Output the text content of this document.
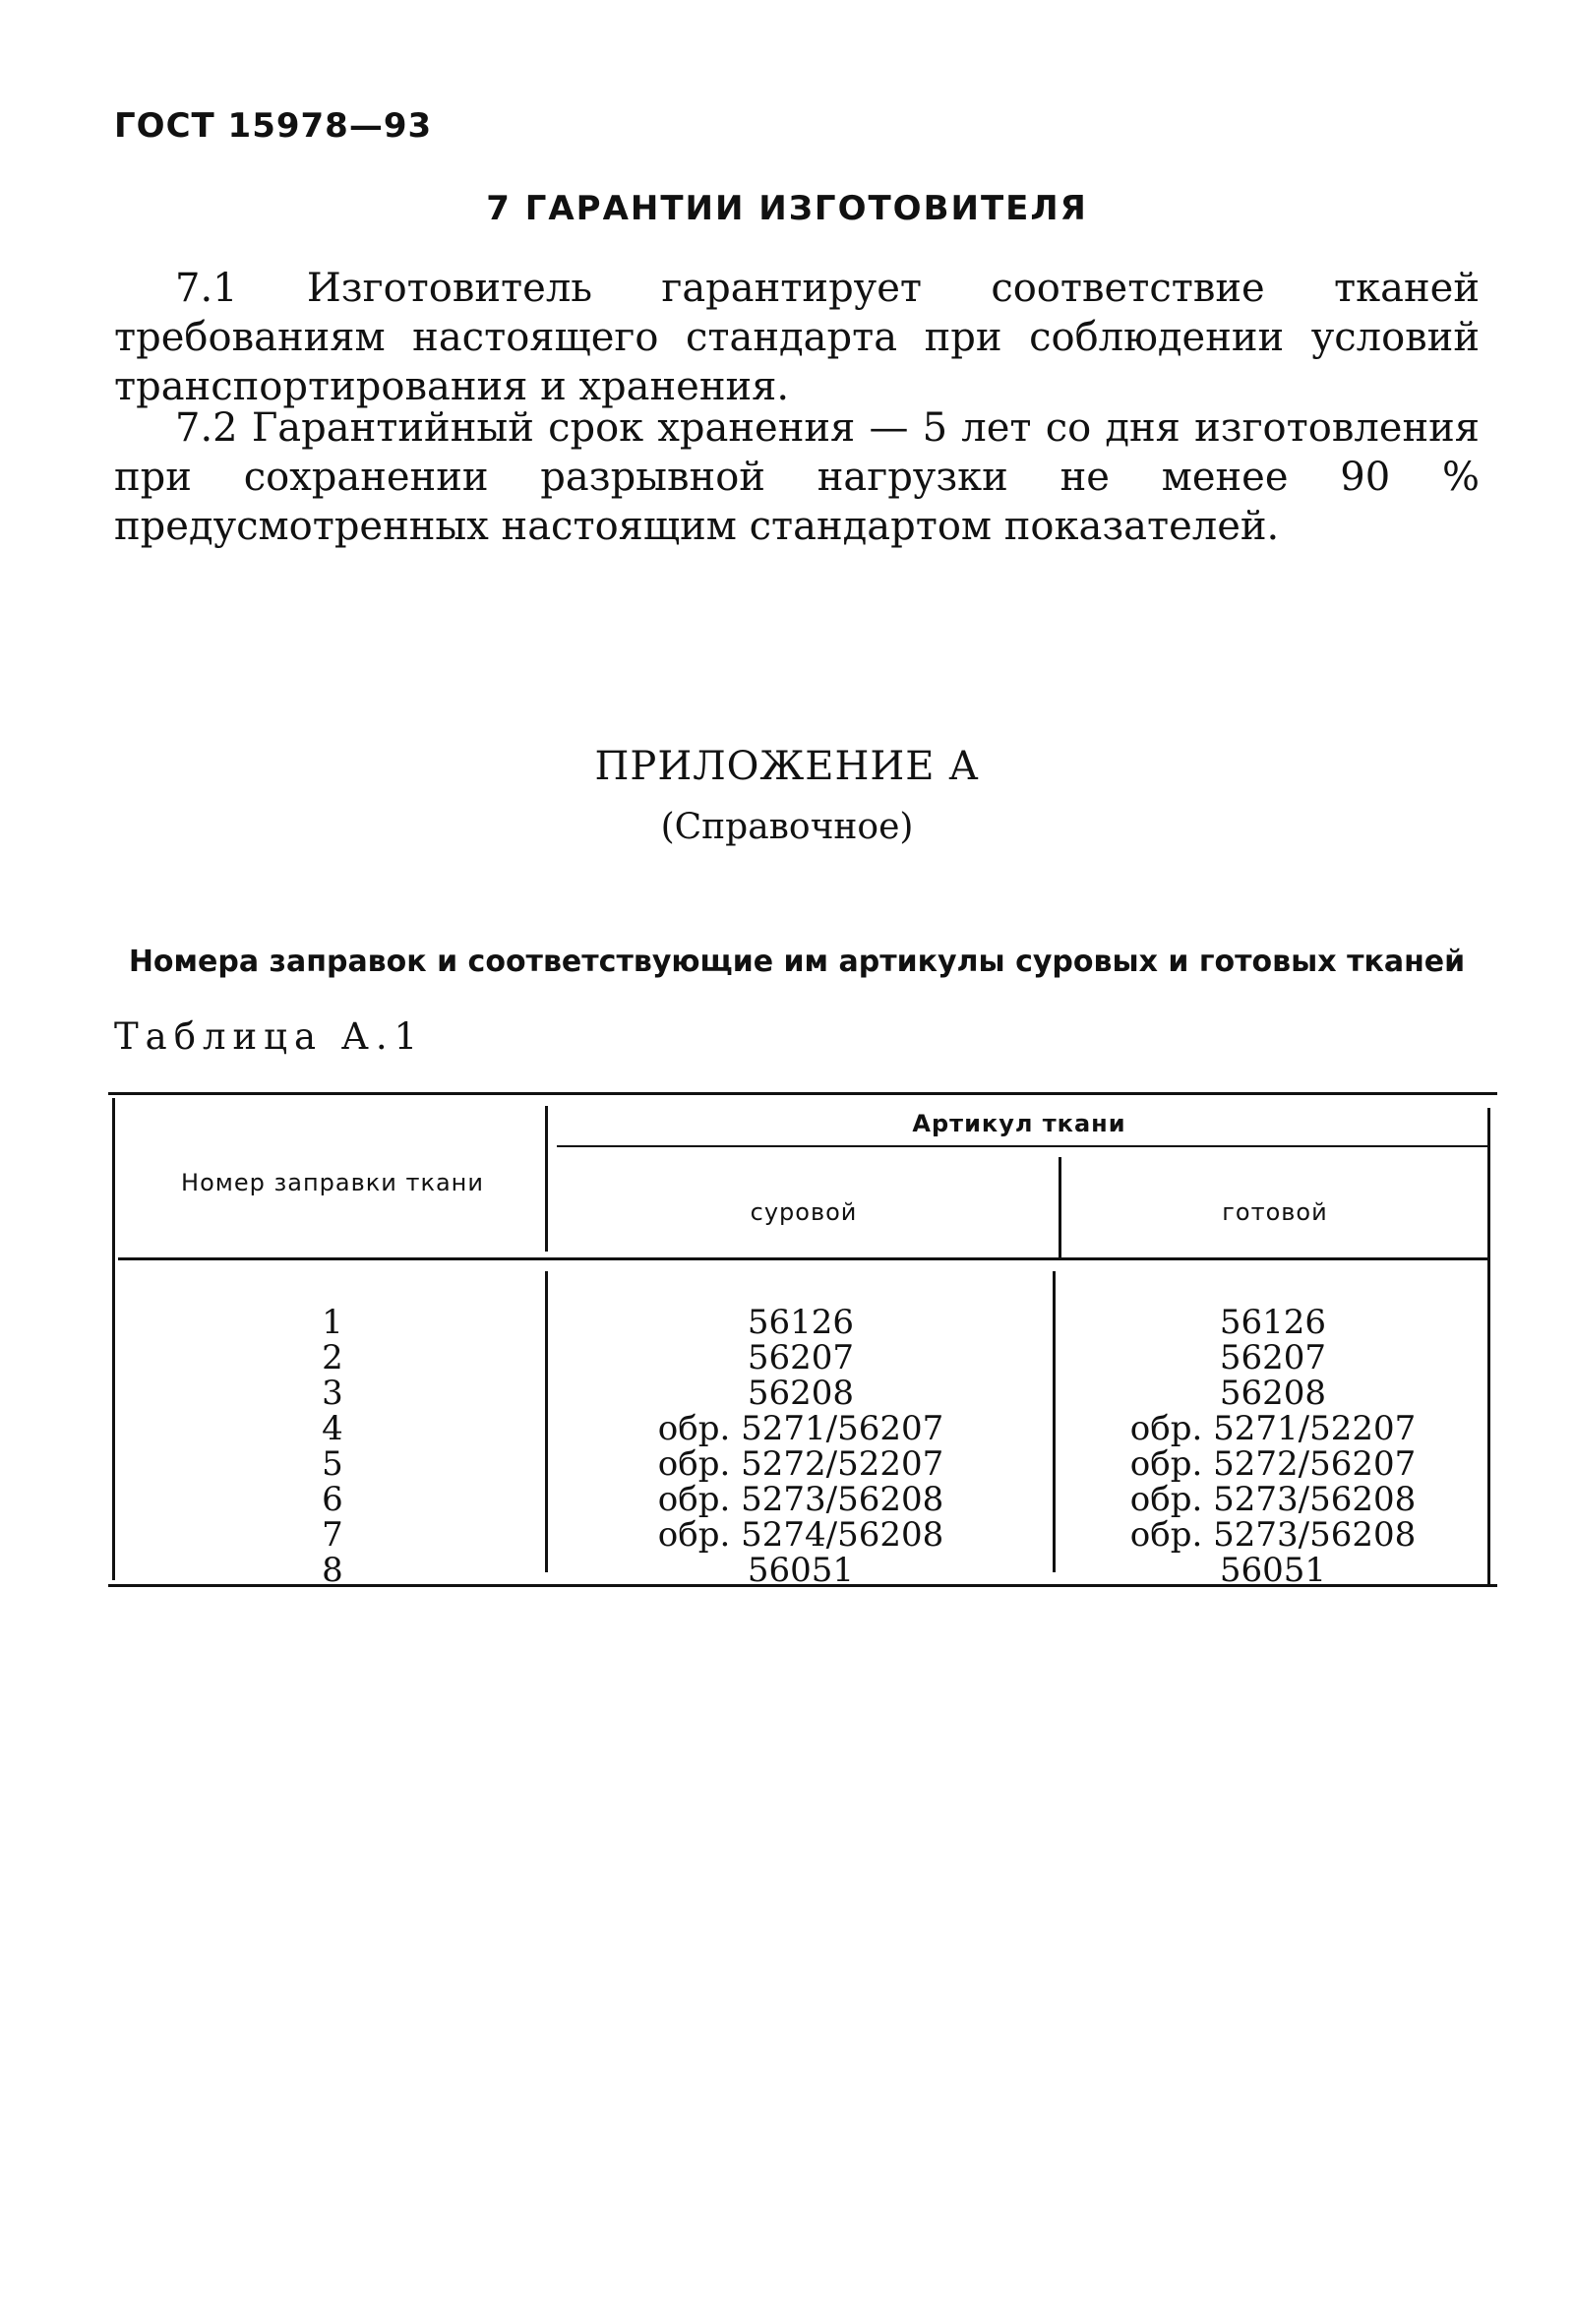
ГОСТ 15978—93
7 ГАРАНТИИ ИЗГОТОВИТЕЛЯ

7.1 Изготовитель гарантирует соответствие тканей требованиям настоящего стандарта при соблюдении условий транспортирования и хранения.

7.2 Гарантийный срок хранения — 5 лет со дня изготовления при сохранении разрывной нагрузки не менее 90 % предусмотренных настоящим стандартом показателей.

ПРИЛОЖЕНИЕ А
(Справочное)
Номера заправок и соответствующие им артикулы суровых и готовых тканей
Таблица А.1
Номер заправки ткани
Артикул ткани
суровой	готовой
1	56126	56126
2	56207	56207
3	56208	56208
4	обр. 5271/56207	обр. 5271/52207
5	обр. 5272/52207	обр. 5272/56207
6	обр. 5273/56208	обр. 5273/56208
7	обр. 5274/56208	обр. 5273/56208
8	56051	56051
